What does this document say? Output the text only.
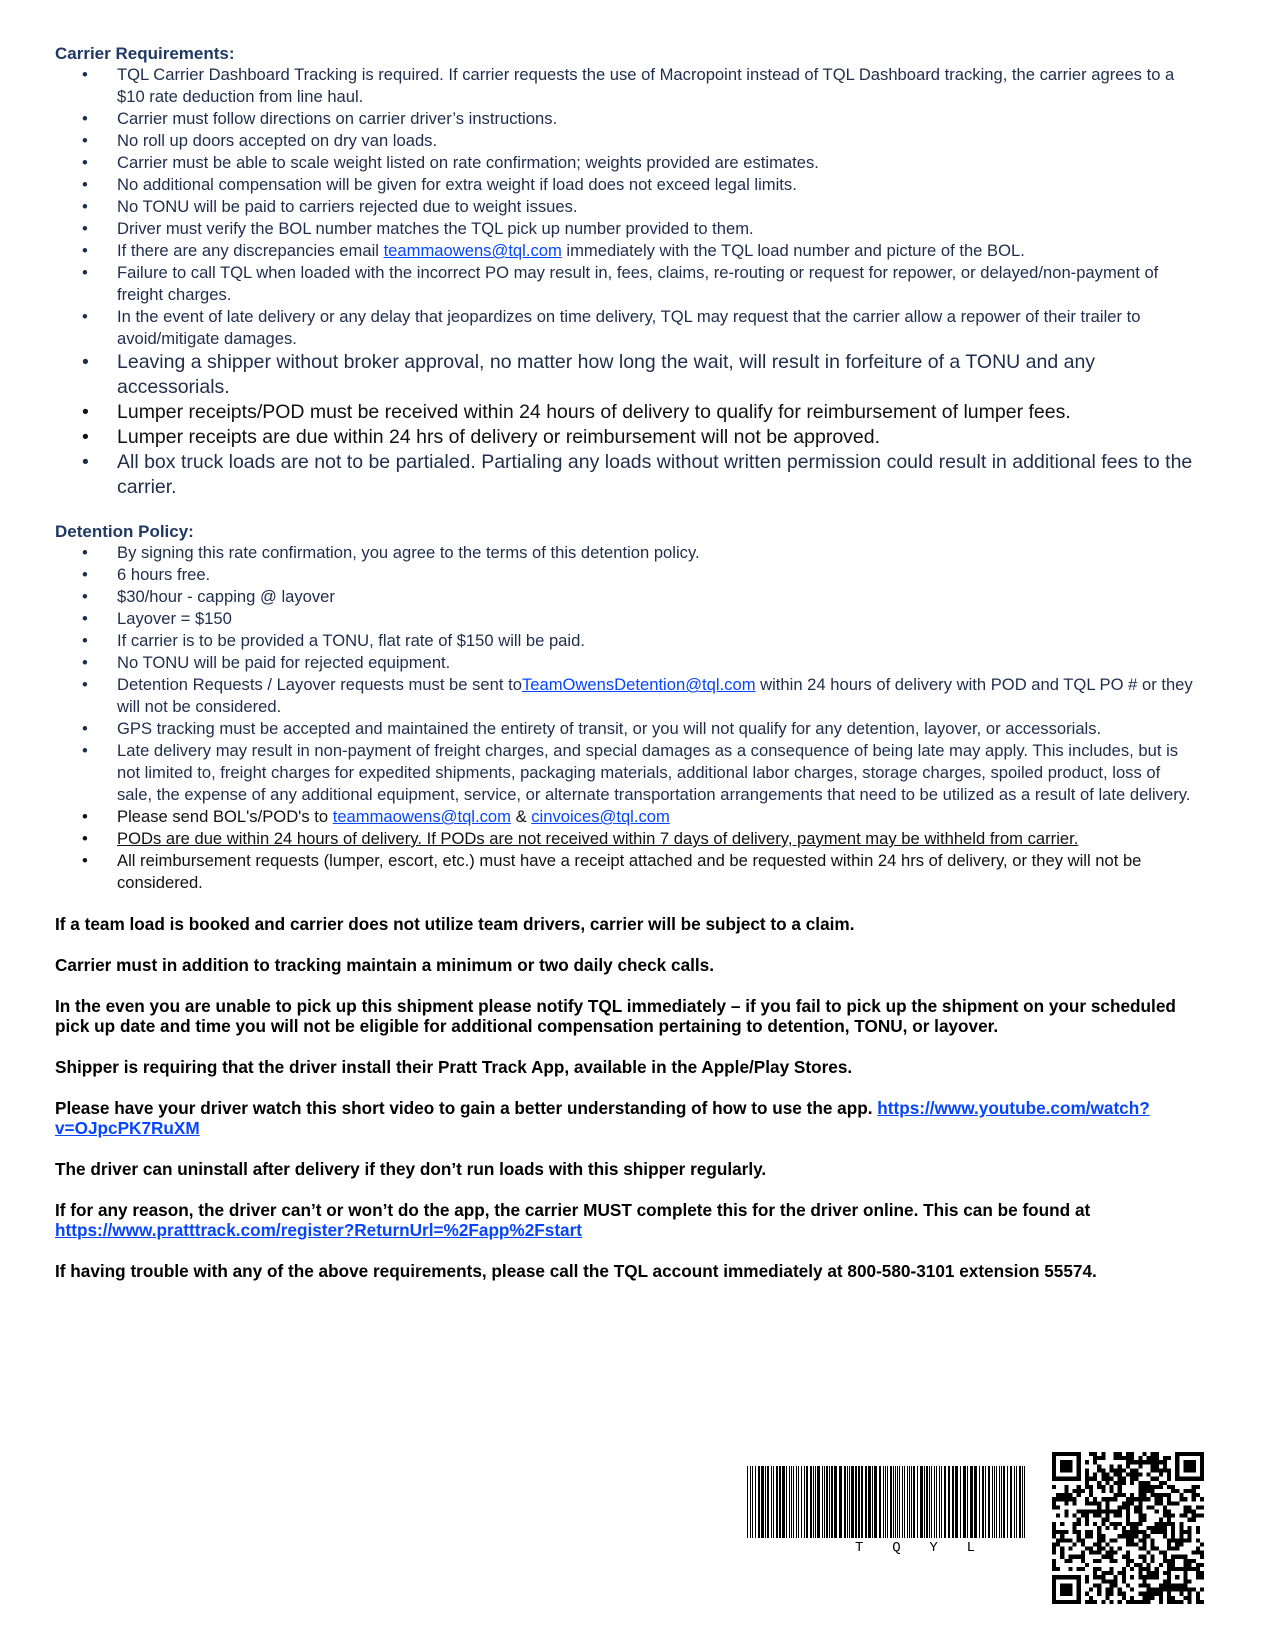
Carrier Requirements:

• TQL Carrier Dashboard Tracking is required. If carrier requests the use of Macropoint instead of TQL Dashboard tracking, the carrier agrees to a $10 rate deduction from line haul.
• Carrier must follow directions on carrier driver’s instructions.
• No roll up doors accepted on dry van loads.
• Carrier must be able to scale weight listed on rate confirmation; weights provided are estimates.
• No additional compensation will be given for extra weight if load does not exceed legal limits.
• No TONU will be paid to carriers rejected due to weight issues.
• Driver must verify the BOL number matches the TQL pick up number provided to them.
• If there are any discrepancies email teammaowens@tql.com immediately with the TQL load number and picture of the BOL.
• Failure to call TQL when loaded with the incorrect PO may result in, fees, claims, re-routing or request for repower, or delayed/non-payment of freight charges.
• In the event of late delivery or any delay that jeopardizes on time delivery, TQL may request that the carrier allow a repower of their trailer to avoid/mitigate damages.
• Leaving a shipper without broker approval, no matter how long the wait, will result in forfeiture of a TONU and any accessorials.
• Lumper receipts/POD must be received within 24 hours of delivery to qualify for reimbursement of lumper fees.
• Lumper receipts are due within 24 hrs of delivery or reimbursement will not be approved.
• All box truck loads are not to be partialed. Partialing any loads without written permission could result in additional fees to the carrier.

Detention Policy:

• By signing this rate confirmation, you agree to the terms of this detention policy.
• 6 hours free.
• $30/hour - capping @ layover
• Layover = $150
• If carrier is to be provided a TONU, flat rate of $150 will be paid.
• No TONU will be paid for rejected equipment.
• Detention Requests / Layover requests must be sent toTeamOwensDetention@tql.com within 24 hours of delivery with POD and TQL PO # or they will not be considered.
• GPS tracking must be accepted and maintained the entirety of transit, or you will not qualify for any detention, layover, or accessorials.
• Late delivery may result in non-payment of freight charges, and special damages as a consequence of being late may apply. This includes, but is not limited to, freight charges for expedited shipments, packaging materials, additional labor charges, storage charges, spoiled product, loss of sale, the expense of any additional equipment, service, or alternate transportation arrangements that need to be utilized as a result of late delivery.
• Please send BOL's/POD's to teammaowens@tql.com & cinvoices@tql.com
• PODs are due within 24 hours of delivery. If PODs are not received within 7 days of delivery, payment may be withheld from carrier.
• All reimbursement requests (lumper, escort, etc.) must have a receipt attached and be requested within 24 hrs of delivery, or they will not be considered.

If a team load is booked and carrier does not utilize team drivers, carrier will be subject to a claim.

Carrier must in addition to tracking maintain a minimum or two daily check calls.

In the even you are unable to pick up this shipment please notify TQL immediately – if you fail to pick up the shipment on your scheduled pick up date and time you will not be eligible for additional compensation pertaining to detention, TONU, or layover.

Shipper is requiring that the driver install their Pratt Track App, available in the Apple/Play Stores.

Please have your driver watch this short video to gain a better understanding of how to use the app. https://www.youtube.com/watch?v=OJpcPK7RuXM

The driver can uninstall after delivery if they don’t run loads with this shipper regularly.

If for any reason, the driver can’t or won’t do the app, the carrier MUST complete this for the driver online. This can be found at https://www.pratttrack.com/register?ReturnUrl=%2Fapp%2Fstart

If having trouble with any of the above requirements, please call the TQL account immediately at 800-580-3101 extension 55574.

T Q Y L
